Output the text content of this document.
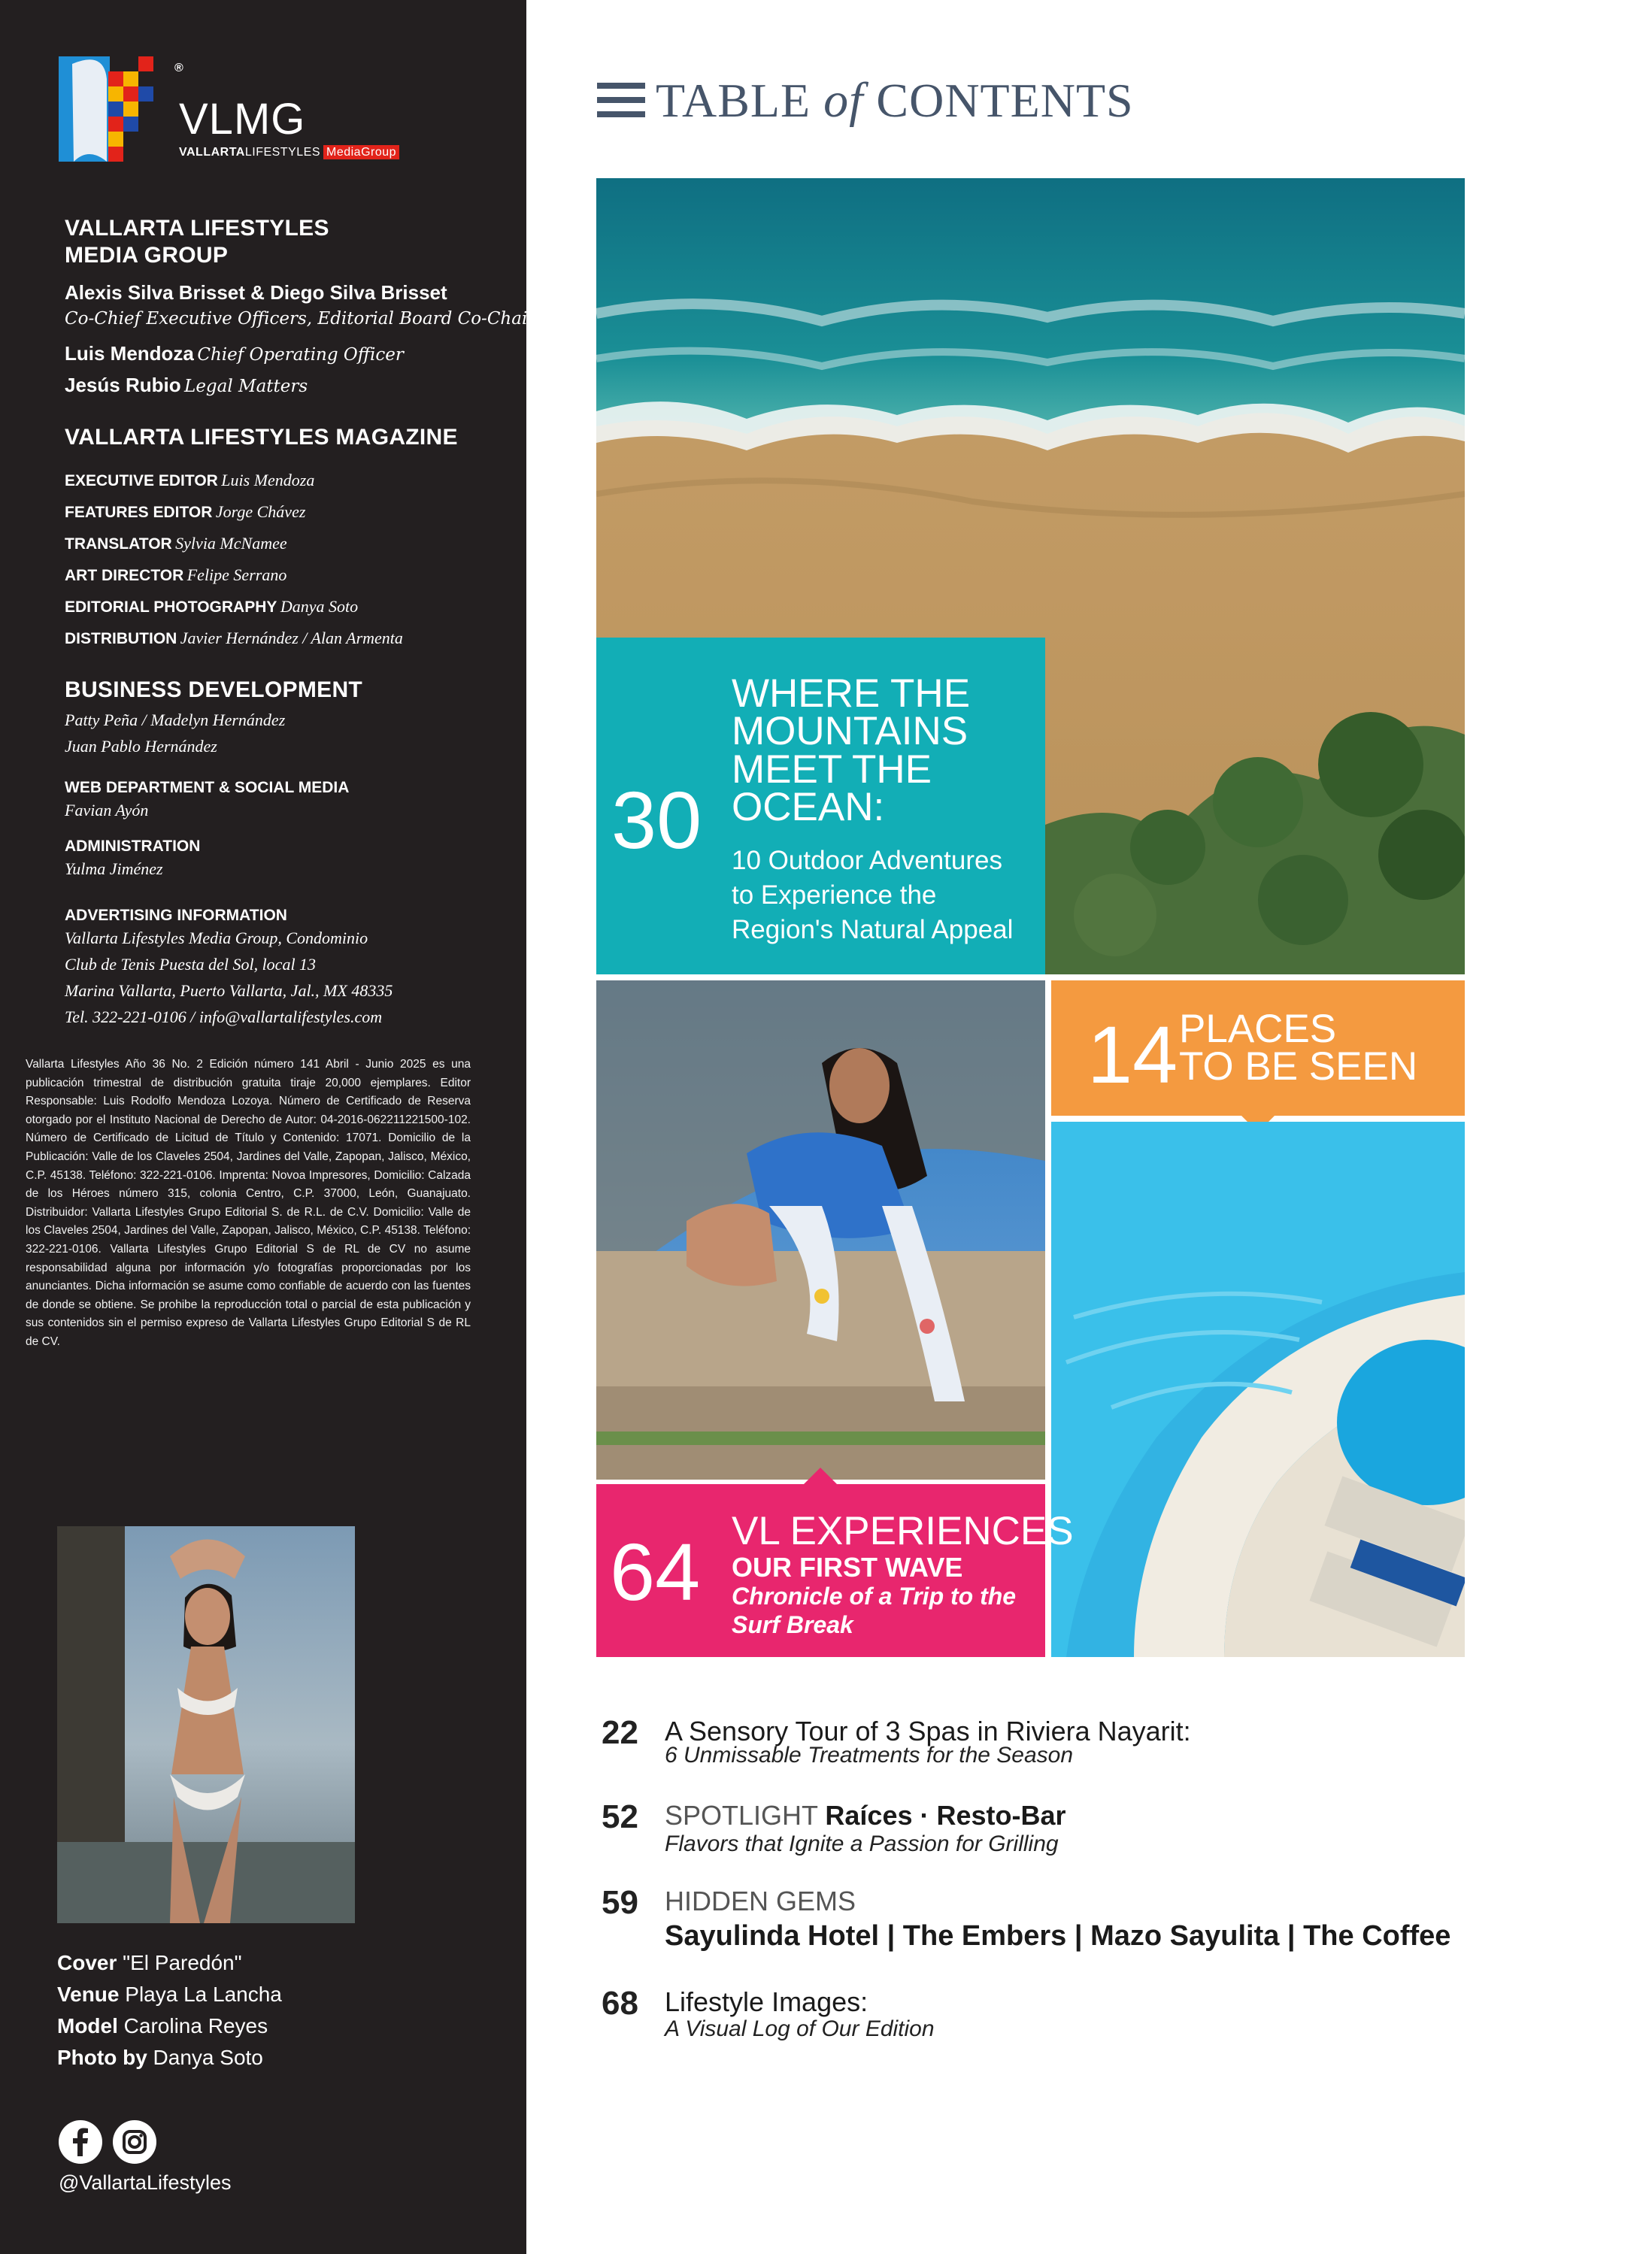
®
VLMG
VALLARTALIFESTYLES MediaGroup
VALLARTA LIFESTYLES
MEDIA GROUP
Alexis Silva Brisset & Diego Silva Brisset
Co-Chief Executive Officers, Editorial Board Co-Chairmen
Luis Mendoza Chief Operating Officer
Jesús Rubio Legal Matters
VALLARTA LIFESTYLES MAGAZINE
EXECUTIVE EDITOR Luis Mendoza
FEATURES EDITOR Jorge Chávez
TRANSLATOR Sylvia McNamee
ART DIRECTOR Felipe Serrano
EDITORIAL PHOTOGRAPHY Danya Soto
DISTRIBUTION Javier Hernández / Alan Armenta
BUSINESS DEVELOPMENT
Patty Peña / Madelyn Hernández
Juan Pablo Hernández
WEB DEPARTMENT & SOCIAL MEDIA
Favian Ayón
ADMINISTRATION
Yulma Jiménez
ADVERTISING INFORMATION
Vallarta Lifestyles Media Group, Condominio
Club de Tenis Puesta del Sol, local 13
Marina Vallarta, Puerto Vallarta, Jal., MX 48335
Tel. 322-221-0106 / info@vallartalifestyles.com
Vallarta Lifestyles Año 36 No. 2 Edición número 141 Abril - Junio 2025 es una publicación trimestral de distribución gratuita tiraje 20,000 ejemplares. Editor Responsable: Luis Rodolfo Mendoza Lozoya. Número de Certificado de Reserva otorgado por el Instituto Nacional de Derecho de Autor: 04-2016-062211221500-102. Número de Certificado de Licitud de Título y Contenido: 17071. Domicilio de la Publicación: Valle de los Claveles 2504, Jardines del Valle, Zapopan, Jalisco, México, C.P. 45138. Teléfono: 322-221-0106. Imprenta: Novoa Impresores, Domicilio: Calzada de los Héroes número 315, colonia Centro, C.P. 37000, León, Guanajuato. Distribuidor: Vallarta Lifestyles Grupo Editorial S. de R.L. de C.V. Domicilio: Valle de los Claveles 2504, Jardines del Valle, Zapopan, Jalisco, México, C.P. 45138. Teléfono: 322-221-0106. Vallarta Lifestyles Grupo Editorial S de RL de CV no asume responsabilidad alguna por información y/o fotografías proporcionadas por los anunciantes. Dicha información se asume como confiable de acuerdo con las fuentes de donde se obtiene. Se prohibe la reproducción total o parcial de esta publicación y sus contenidos sin el permiso expreso de Vallarta Lifestyles Grupo Editorial S de RL de CV.
Cover "El Paredón"
Venue Playa La Lancha
Model Carolina Reyes
Photo by Danya Soto
@VallartaLifestyles
TABLE of CONTENTS
30
WHERE THE
MOUNTAINS
MEET THE
OCEAN:
10 Outdoor Adventures
to Experience the
Region's Natural Appeal
14 PLACES
TO BE SEEN
64 VL EXPERIENCES
OUR FIRST WAVE
Chronicle of a Trip to the
Surf Break
22 A Sensory Tour of 3 Spas in Riviera Nayarit:
6 Unmissable Treatments for the Season
52 SPOTLIGHT Raíces · Resto-Bar
Flavors that Ignite a Passion for Grilling
59 HIDDEN GEMS
Sayulinda Hotel | The Embers | Mazo Sayulita | The Coffee
68 Lifestyle Images:
A Visual Log of Our Edition
